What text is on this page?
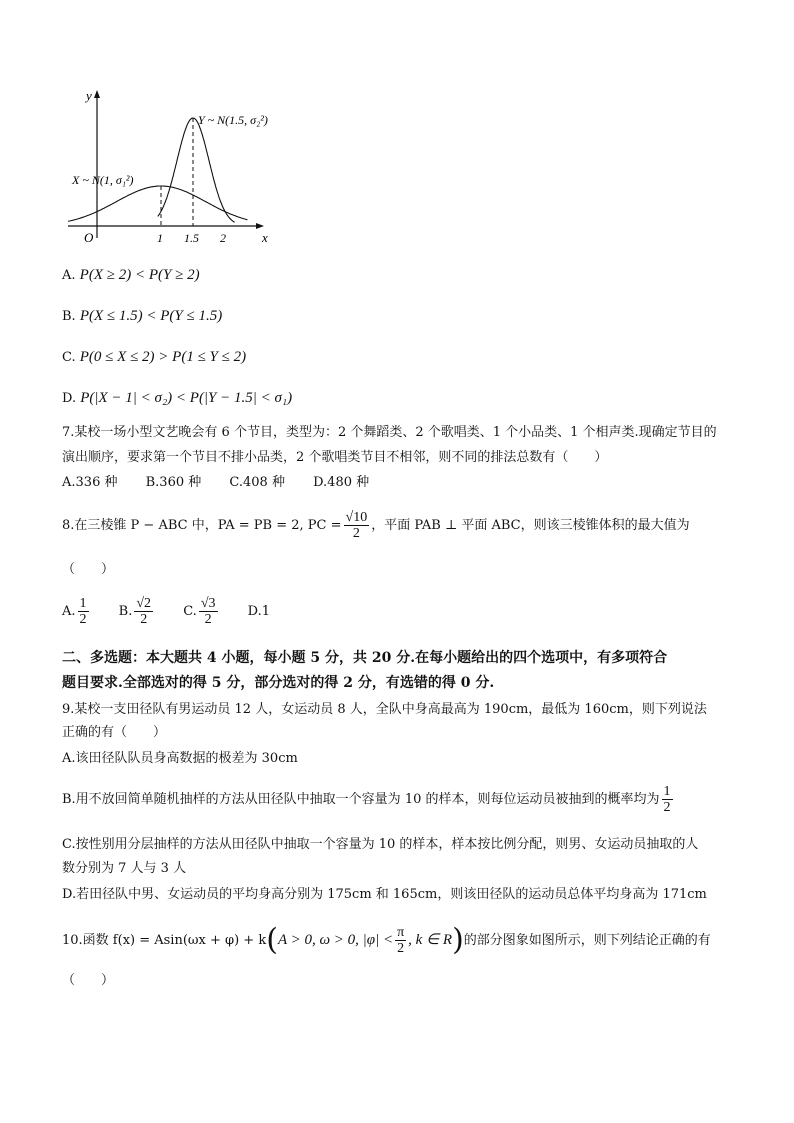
y
x
O	1 1.5 2
X ~ N(1, σ₁²)
Y ~ N(1.5, σ₂²)
A. P(X ≥ 2) < P(Y ≥ 2)
B. P(X ≤ 1.5) < P(Y ≤ 1.5)
C. P(0 ≤ X ≤ 2) > P(1 ≤ Y ≤ 2)
D. P(|X − 1| < σ₂) < P(|Y − 1.5| < σ₁)
7.某校一场小型文艺晚会有 6 个节目，类型为：2 个舞蹈类、2 个歌唱类、1 个小品类、1 个相声类.现确定节目的
演出顺序，要求第一个节目不排小品类，2 个歌唱类节目不相邻，则不同的排法总数有（　　）
A.336 种 B.360 种 C.408 种 D.480 种
8.在三棱锥 P − ABC 中，PA = PB = 2, PC = $\frac{√10}{2}$ ，平面 PAB ⊥ 平面 ABC，则该三棱锥体积的最大值为
（　　）
A. $\frac{1}{2} B$. $\frac{√2}{2} C$. $\frac{√3}{2} D.1$
二、多选题：本大题共 4 小题，每小题 5 分，共 20 分.在每小题给出的四个选项中，有多项符合
题目要求.全部选对的得 5 分，部分选对的得 2 分，有选错的得 0 分.
9.某校一支田径队有男运动员 12 人，女运动员 8 人，全队中身高最高为 190cm，最低为 160cm，则下列说法
正确的有（　　）
A.该田径队队员身高数据的极差为 30cm
B.用不放回简单随机抽样的方法从田径队中抽取一个容量为 10 的样本，则每位运动员被抽到的概率均为 $\frac{1}{2}$
C.按性别用分层抽样的方法从田径队中抽取一个容量为 10 的样本，样本按比例分配，则男、女运动员抽取的人
数分别为 7 人与 3 人
D.若田径队中男、女运动员的平均身高分别为 175cm 和 165cm，则该田径队的运动员总体平均身高为 171cm
10.函数 f(x) = Asin(ωx + φ) + k(A > 0, ω > 0, $|\varphi| < \frac{\pi}{2}$ , k ∈ R)的部分图象如图所示，则下列结论正确的有
（　　）
